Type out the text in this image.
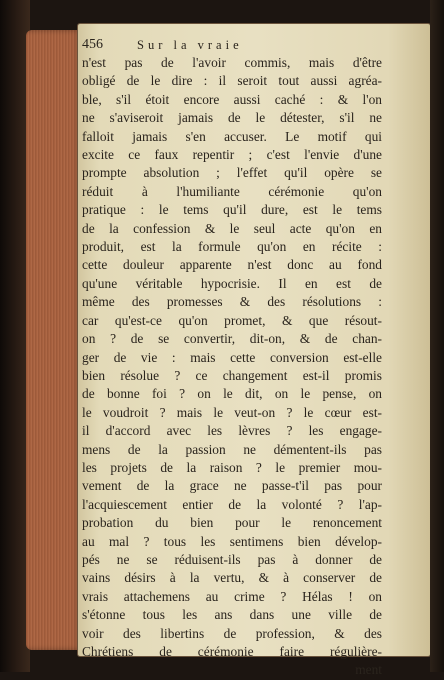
456	Sur la vraie
n'est pas de l'avoir commis, mais d'être
obligé de le dire : il seroit tout aussi agréa-
ble, s'il étoit encore aussi caché : & l'on
ne s'aviseroit jamais de le détester, s'il ne
falloit jamais s'en accuser. Le motif qui
excite ce faux repentir ; c'est l'envie d'une
prompte absolution ; l'effet qu'il opère se
réduit à l'humiliante cérémonie qu'on
pratique : le tems qu'il dure, est le tems
de la confession & le seul acte qu'on en
produit, est la formule qu'on en récite :
cette douleur apparente n'est donc au fond
qu'une véritable hypocrisie. Il en est de
même des promesses & des résolutions :
car qu'est-ce qu'on promet, & que résout-
on ? de se convertir, dit-on, & de chan-
ger de vie : mais cette conversion est-elle
bien résolue ? ce changement est-il promis
de bonne foi ? on le dit, on le pense, on
le voudroit ? mais le veut-on ? le cœur est-
il d'accord avec les lèvres ? les engage-
mens de la passion ne démentent-ils pas
les projets de la raison ? le premier mou-
vement de la grace ne passe-t'il pas pour
l'acquiescement entier de la volonté ? l'ap-
probation du bien pour le renoncement
au mal ? tous les sentimens bien dévelop-
pés ne se réduisent-ils pas à donner de
vains désirs à la vertu, & à conserver de
vrais attachemens au crime ? Hélas ! on
s'étonne tous les ans dans une ville de
voir des libertins de profession, & des
Chrétiens de cérémonie faire régulière-
ment
